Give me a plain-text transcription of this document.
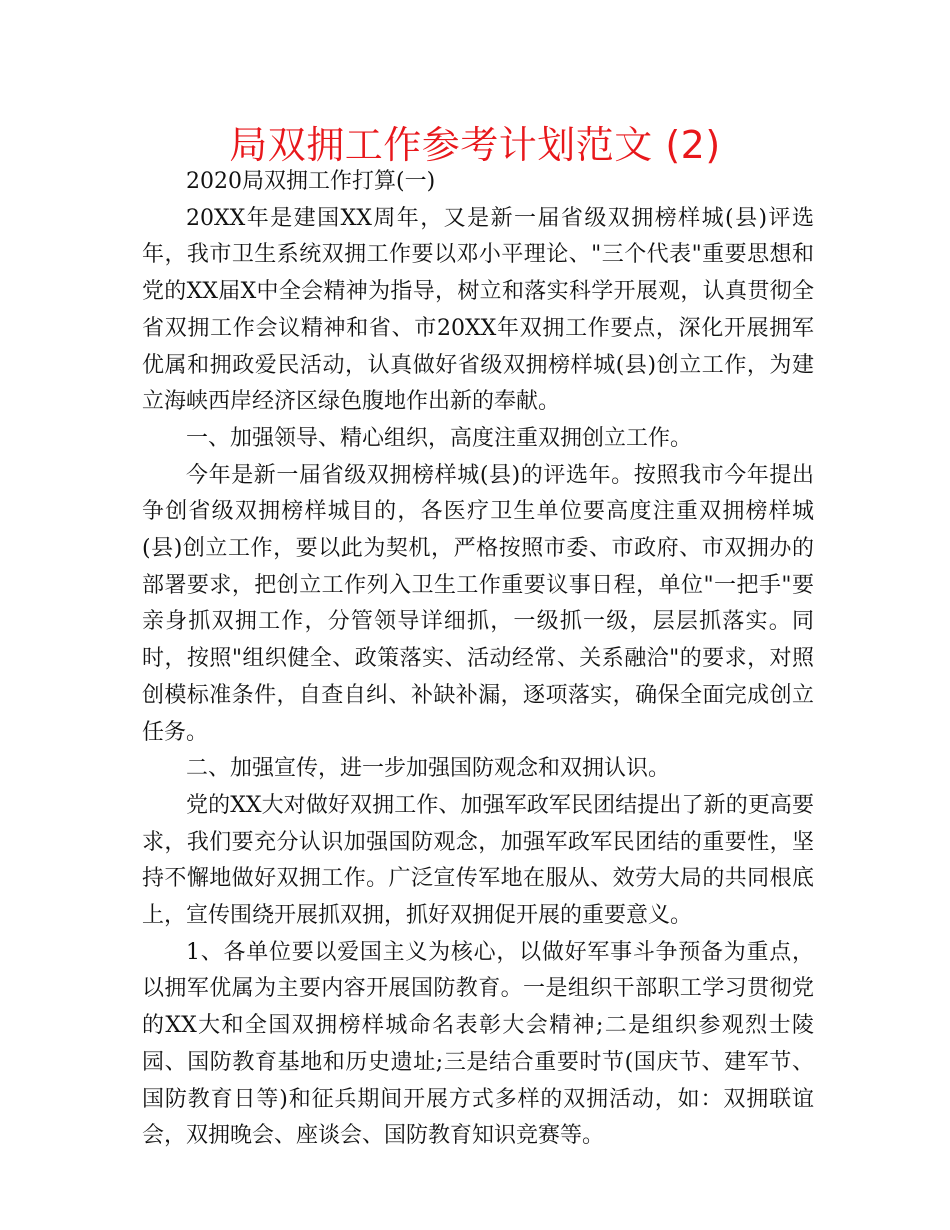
局双拥工作参考计划范文 (2)

2020局双拥工作打算(一)

20XX年是建国XX周年，又是新一届省级双拥榜样城(县)评选年，我市卫生系统双拥工作要以邓小平理论、"三个代表"重要思想和党的XX届X中全会精神为指导，树立和落实科学开展观，认真贯彻全省双拥工作会议精神和省、市20XX年双拥工作要点，深化开展拥军优属和拥政爱民活动，认真做好省级双拥榜样城(县)创立工作，为建立海峡西岸经济区绿色腹地作出新的奉献。

一、加强领导、精心组织，高度注重双拥创立工作。

今年是新一届省级双拥榜样城(县)的评选年。按照我市今年提出争创省级双拥榜样城目的，各医疗卫生单位要高度注重双拥榜样城(县)创立工作，要以此为契机，严格按照市委、市政府、市双拥办的部署要求，把创立工作列入卫生工作重要议事日程，单位"一把手"要亲身抓双拥工作，分管领导详细抓，一级抓一级，层层抓落实。同时，按照"组织健全、政策落实、活动经常、关系融洽"的要求，对照创模标准条件，自查自纠、补缺补漏，逐项落实，确保全面完成创立任务。

二、加强宣传，进一步加强国防观念和双拥认识。

党的XX大对做好双拥工作、加强军政军民团结提出了新的更高要求，我们要充分认识加强国防观念，加强军政军民团结的重要性，坚持不懈地做好双拥工作。广泛宣传军地在服从、效劳大局的共同根底上，宣传围绕开展抓双拥，抓好双拥促开展的重要意义。

1、各单位要以爱国主义为核心，以做好军事斗争预备为重点，以拥军优属为主要内容开展国防教育。一是组织干部职工学习贯彻党的XX大和全国双拥榜样城命名表彰大会精神;二是组织参观烈士陵园、国防教育基地和历史遗址;三是结合重要时节(国庆节、建军节、国防教育日等)和征兵期间开展方式多样的双拥活动，如：双拥联谊会，双拥晚会、座谈会、国防教育知识竞赛等。
